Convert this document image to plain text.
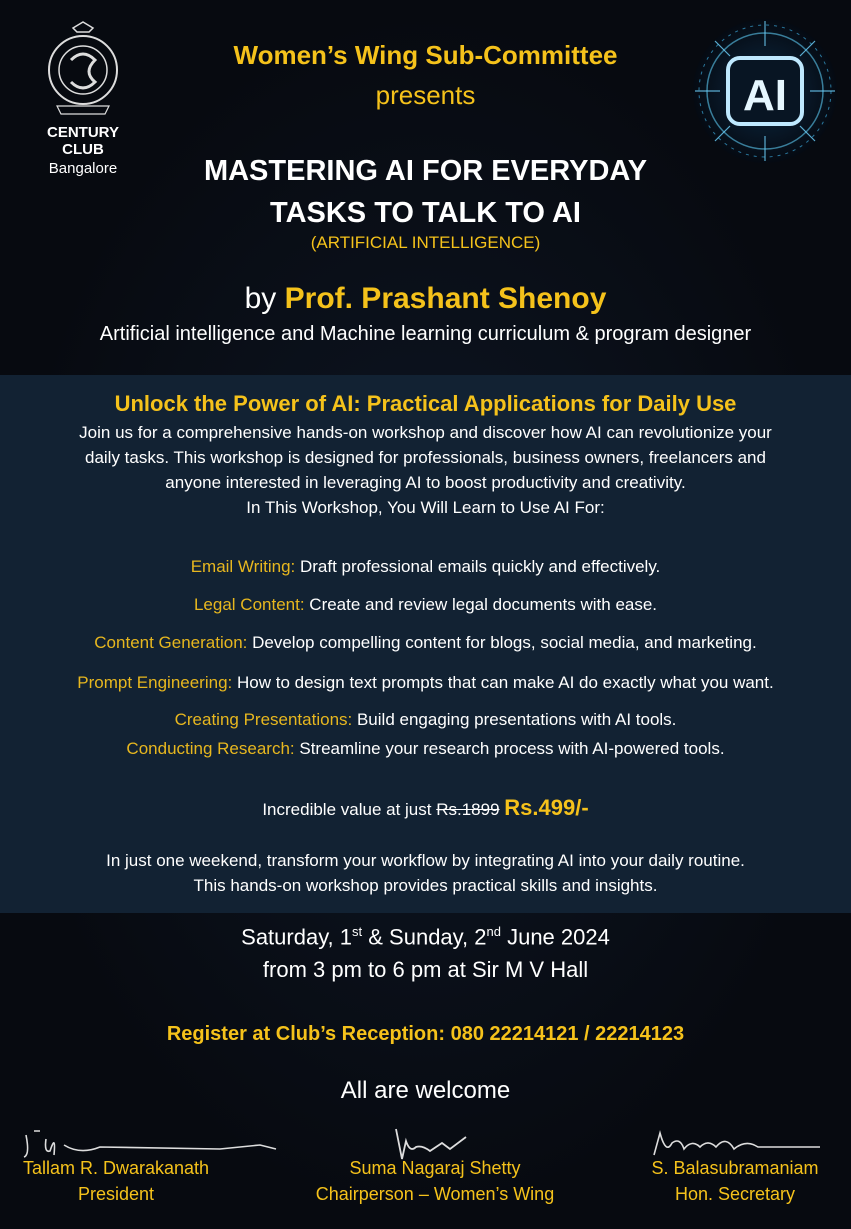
CENTURY CLUB
Bangalore
AI
Women’s Wing Sub-Committee
presents
MASTERING AI FOR EVERYDAY
TASKS TO TALK TO AI
(ARTIFICIAL INTELLIGENCE)
by Prof. Prashant Shenoy
Artificial intelligence and Machine learning curriculum & program designer
Unlock the Power of AI: Practical Applications for Daily Use
Join us for a comprehensive hands-on workshop and discover how AI can revolutionize your
daily tasks. This workshop is designed for professionals, business owners, freelancers and
anyone interested in leveraging AI to boost productivity and creativity.
In This Workshop, You Will Learn to Use AI For:
Email Writing: Draft professional emails quickly and effectively.
Legal Content: Create and review legal documents with ease.
Content Generation: Develop compelling content for blogs, social media, and marketing.
Prompt Engineering: How to design text prompts that can make AI do exactly what you want.
Creating Presentations: Build engaging presentations with AI tools.
Conducting Research: Streamline your research process with AI-powered tools.
Incredible value at just Rs.1899 Rs.499/-
In just one weekend, transform your workflow by integrating AI into your daily routine.
This hands-on workshop provides practical skills and insights.
Saturday, 1st & Sunday, 2nd June 2024
from 3 pm to 6 pm at Sir M V Hall
Register at Club’s Reception: 080 22214121 / 22214123
All are welcome
Tallam R. Dwarakanath
President
Suma Nagaraj Shetty
Chairperson – Women’s Wing
S. Balasubramaniam
Hon. Secretary
